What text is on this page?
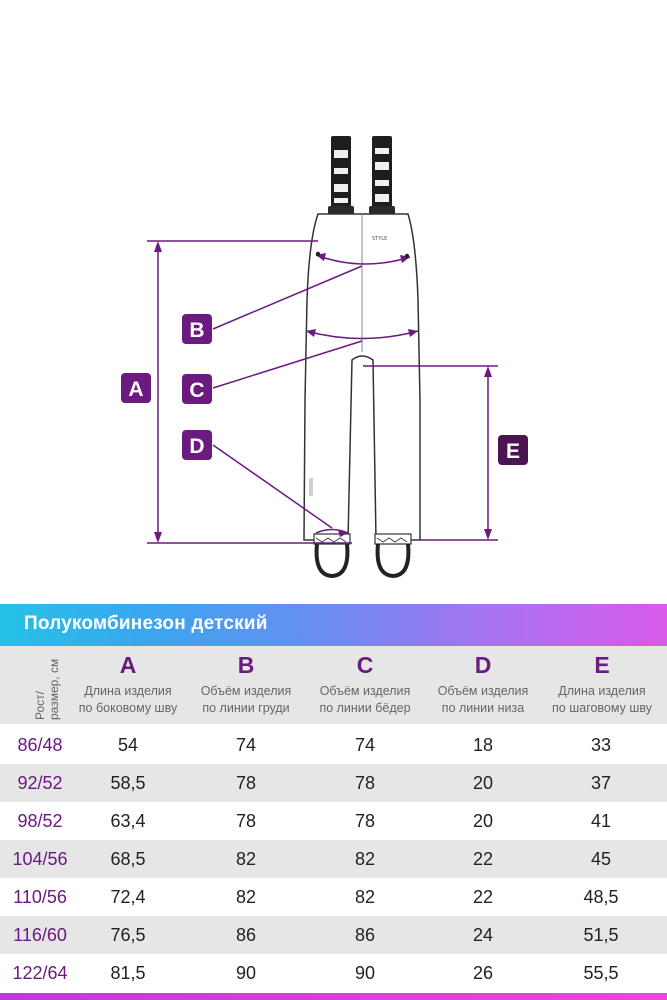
STYLE
A
B
C
D	E
Полукомбинезон детский
Рост/ размер, см	A
Длина изделия
по боковому шву
B
Объём изделия
по линии груди
C
Объём изделия
по линии бёдер
D
Объём изделия
по линии низа
E
Длина изделия
по шаговому шву
86/48	54	74	74	18	33
92/52	58,5	78	78	20	37
98/52	63,4	78	78	20	41
104/56	68,5	82	82	22	45
110/56	72,4	82	82	22	48,5
116/60	76,5	86	86	24	51,5
122/64	81,5	90	90	26	55,5
